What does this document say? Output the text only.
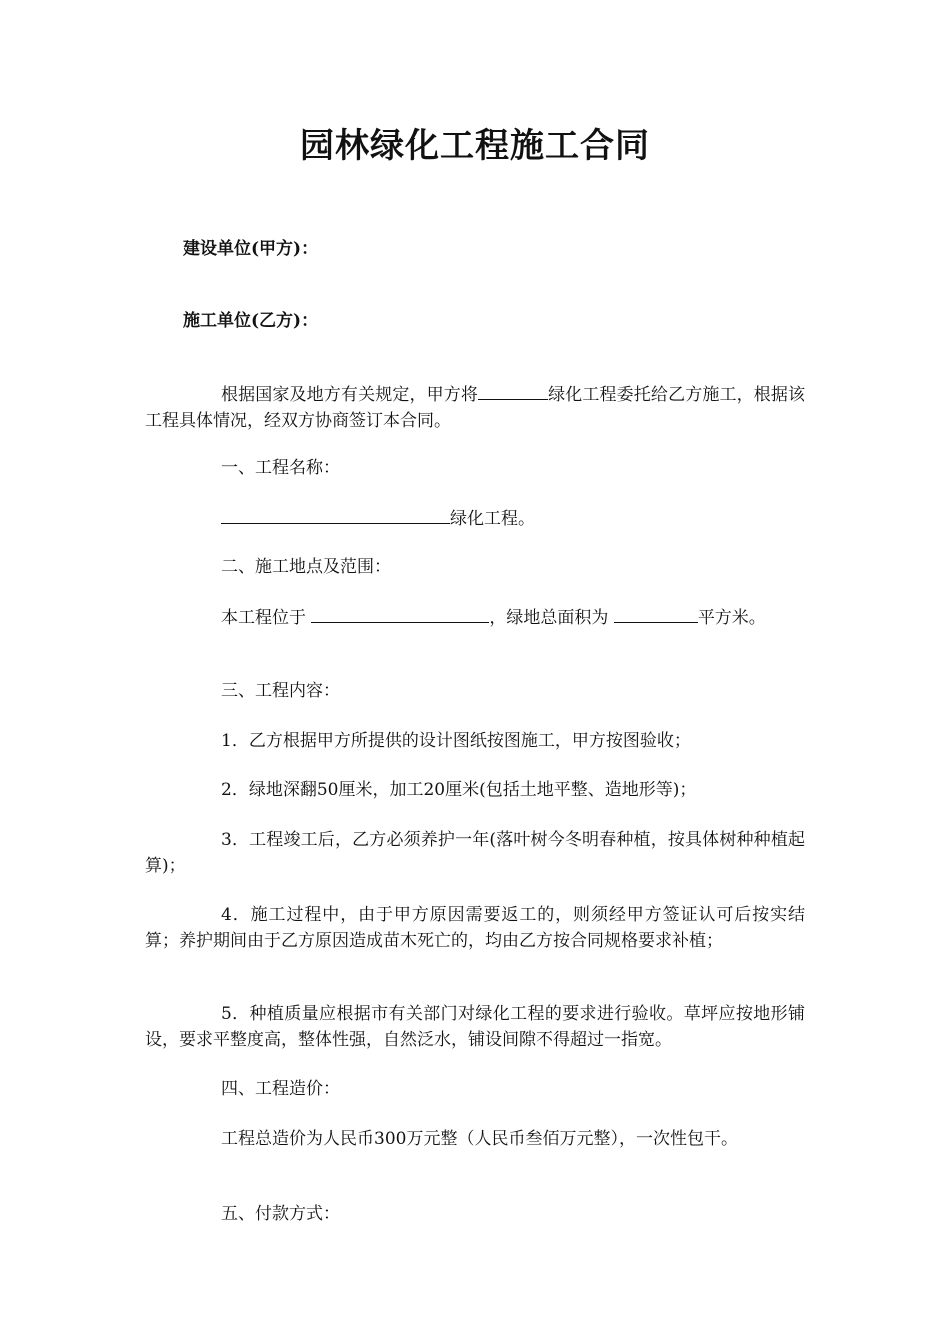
园林绿化工程施工合同
建设单位(甲方)：
施工单位(乙方)：
根据国家及地方有关规定，甲方将	绿化工程委托给乙方施工，根据该工程具体情况，经双方协商签订本合同。
一、工程名称：
绿化工程。
二、施工地点及范围：
本工程位于	，绿地总面积为	平方米。
三、工程内容：
1．乙方根据甲方所提供的设计图纸按图施工，甲方按图验收；
2．绿地深翻50厘米，加工20厘米(包括土地平整、造地形等)；
3．工程竣工后，乙方必须养护一年(落叶树今冬明春种植，按具体树种种植起算)；
4．施工过程中，由于甲方原因需要返工的，则须经甲方签证认可后按实结算；养护期间由于乙方原因造成苗木死亡的，均由乙方按合同规格要求补植；
5．种植质量应根据市有关部门对绿化工程的要求进行验收。草坪应按地形铺设，要求平整度高，整体性强，自然泛水，铺设间隙不得超过一指宽。
四、工程造价：
工程总造价为人民币300万元整（人民币叁佰万元整），一次性包干。
五、付款方式：
